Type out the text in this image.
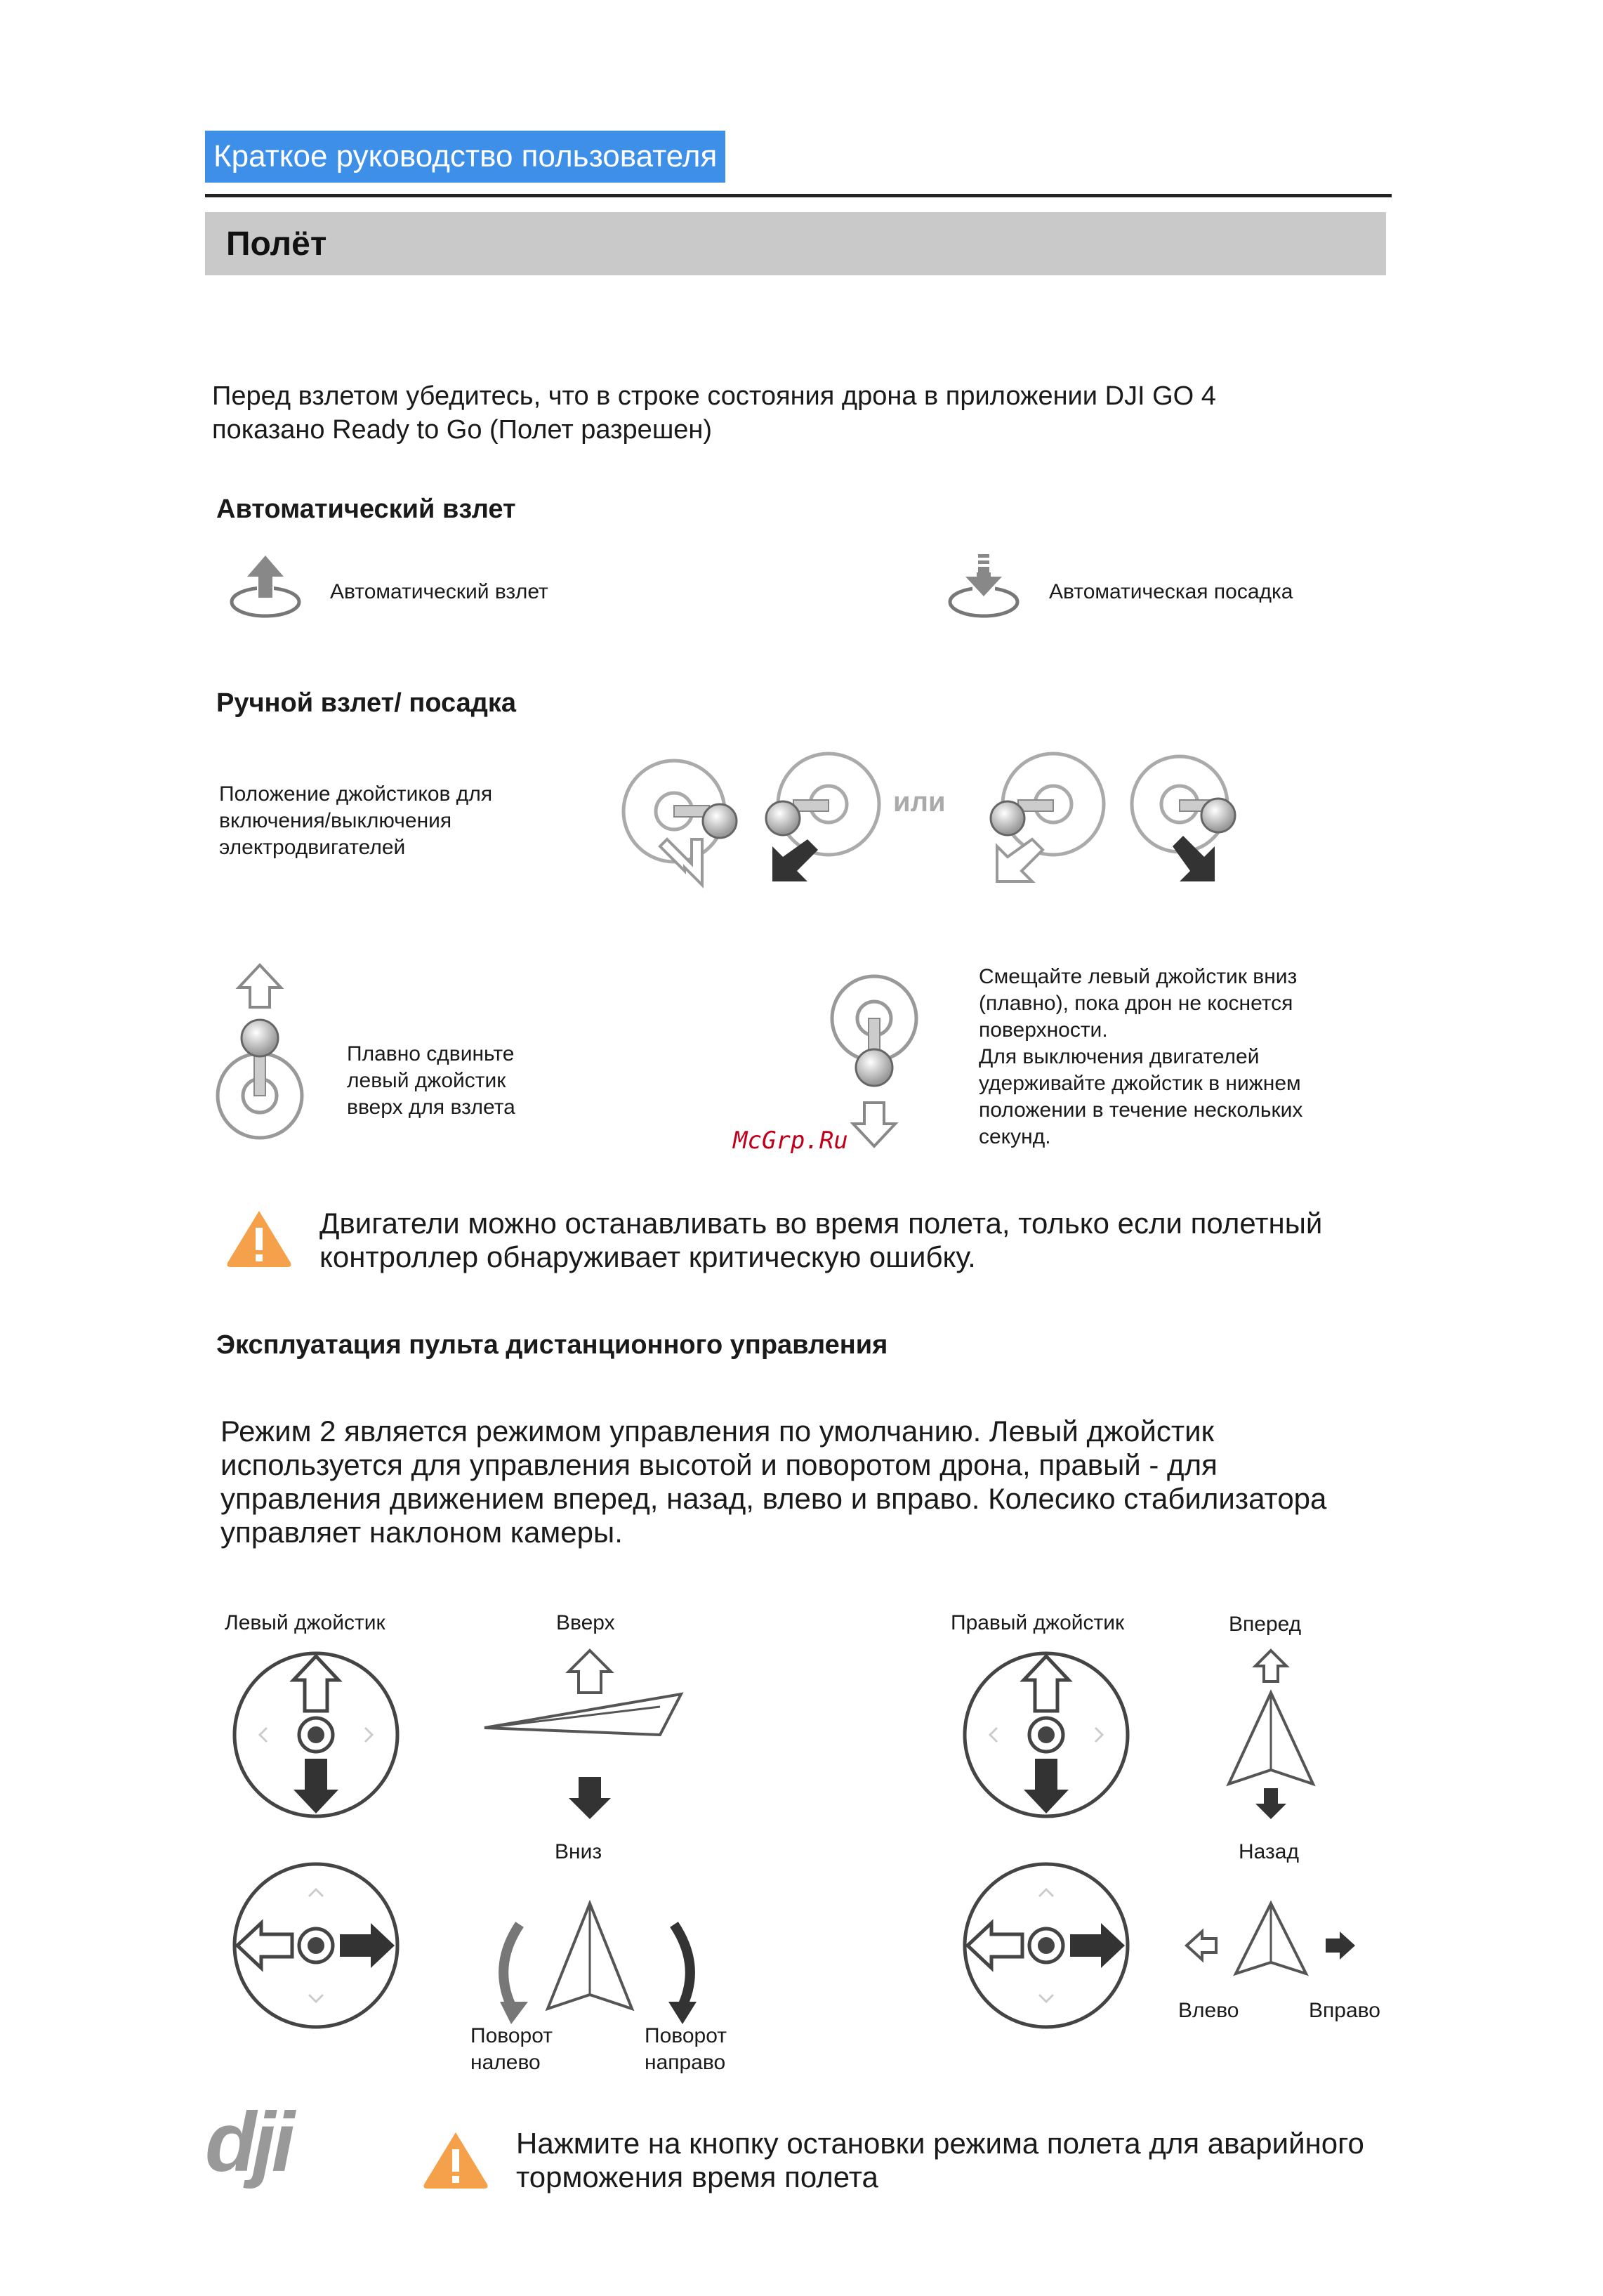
Краткое руководство пользователя
Полёт
Перед взлетом убедитесь, что в строке состояния дрона в приложении DJI GO 4
показано Ready to Go (Полет разрешен)
Автоматический взлет
Автоматический взлет	Автоматическая посадка
Ручной взлет/ посадка
Положение джойстиков для
включения/выключения
электродвигателей
или
Плавно сдвиньте
левый джойстик
вверх для взлета
Смещайте левый джойстик вниз
(плавно), пока дрон не коснется
поверхности.
Для выключения двигателей
удерживайте джойстик в нижнем
положении в течение нескольких
секунд.
McGrp.Ru
Двигатели можно останавливать во время полета, только если полетный
контроллер обнаруживает критическую ошибку.
Эксплуатация пульта дистанционного управления
Режим 2 является режимом управления по умолчанию. Левый джойстик
используется для управления высотой и поворотом дрона, правый - для
управления движением вперед, назад, влево и вправо. Колесико стабилизатора
управляет наклоном камеры.
Левый джойстик	Вверх
Вниз
Правый джойстик	Вперед
Назад
Поворот
налево
Поворот
направо
Влево	Вправо
dji	Нажмите на кнопку остановки режима полета для аварийного
торможения время полета
